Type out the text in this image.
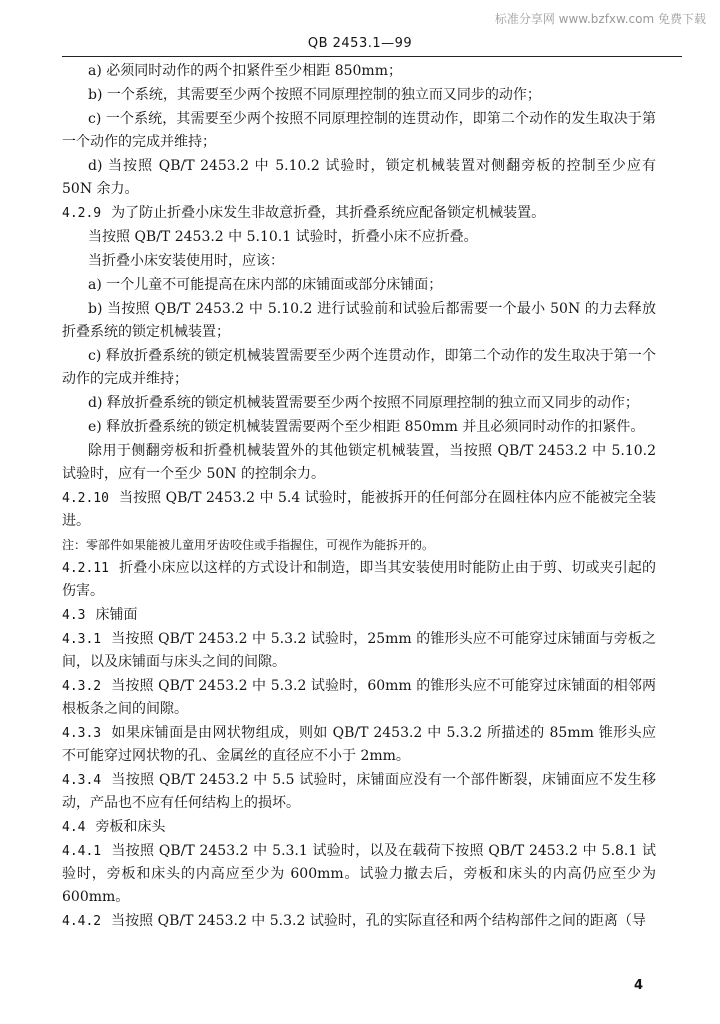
标准分享网 www.bzfxw.com 免费下载
QB 2453.1—99

a) 必须同时动作的两个扣紧件至少相距 850mm；

b) 一个系统，其需要至少两个按照不同原理控制的独立而又同步的动作；

c) 一个系统，其需要至少两个按照不同原理控制的连贯动作，即第二个动作的发生取决于第一个动作的完成并维持；

d) 当按照 QB/T 2453.2 中 5.10.2 试验时，锁定机械装置对侧翻旁板的控制至少应有 50N 余力。

4.2.9 为了防止折叠小床发生非故意折叠，其折叠系统应配备锁定机械装置。

当按照 QB/T 2453.2 中 5.10.1 试验时，折叠小床不应折叠。

当折叠小床安装使用时，应该：

a) 一个儿童不可能提高在床内部的床铺面或部分床铺面；

b) 当按照 QB/T 2453.2 中 5.10.2 进行试验前和试验后都需要一个最小 50N 的力去释放折叠系统的锁定机械装置；

c) 释放折叠系统的锁定机械装置需要至少两个连贯动作，即第二个动作的发生取决于第一个动作的完成并维持；

d) 释放折叠系统的锁定机械装置需要至少两个按照不同原理控制的独立而又同步的动作；

e) 释放折叠系统的锁定机械装置需要两个至少相距 850mm 并且必须同时动作的扣紧件。

除用于侧翻旁板和折叠机械装置外的其他锁定机械装置，当按照 QB/T 2453.2 中 5.10.2 试验时，应有一个至少 50N 的控制余力。

4.2.10 当按照 QB/T 2453.2 中 5.4 试验时，能被拆开的任何部分在圆柱体内应不能被完全装进。

注：零部件如果能被儿童用牙齿咬住或手指握住，可视作为能拆开的。

4.2.11 折叠小床应以这样的方式设计和制造，即当其安装使用时能防止由于剪、切或夹引起的伤害。

4.3 床铺面

4.3.1 当按照 QB/T 2453.2 中 5.3.2 试验时，25mm 的锥形头应不可能穿过床铺面与旁板之间，以及床铺面与床头之间的间隙。

4.3.2 当按照 QB/T 2453.2 中 5.3.2 试验时，60mm 的锥形头应不可能穿过床铺面的相邻两根板条之间的间隙。

4.3.3 如果床铺面是由网状物组成，则如 QB/T 2453.2 中 5.3.2 所描述的 85mm 锥形头应不可能穿过网状物的孔、金属丝的直径应不小于 2mm。

4.3.4 当按照 QB/T 2453.2 中 5.5 试验时，床铺面应没有一个部件断裂，床铺面应不发生移动，产品也不应有任何结构上的损坏。

4.4 旁板和床头

4.4.1 当按照 QB/T 2453.2 中 5.3.1 试验时，以及在载荷下按照 QB/T 2453.2 中 5.8.1 试验时，旁板和床头的内高应至少为 600mm。试验力撤去后，旁板和床头的内高仍应至少为 600mm。

4.4.2 当按照 QB/T 2453.2 中 5.3.2 试验时，孔的实际直径和两个结构部件之间的距离（导

4
